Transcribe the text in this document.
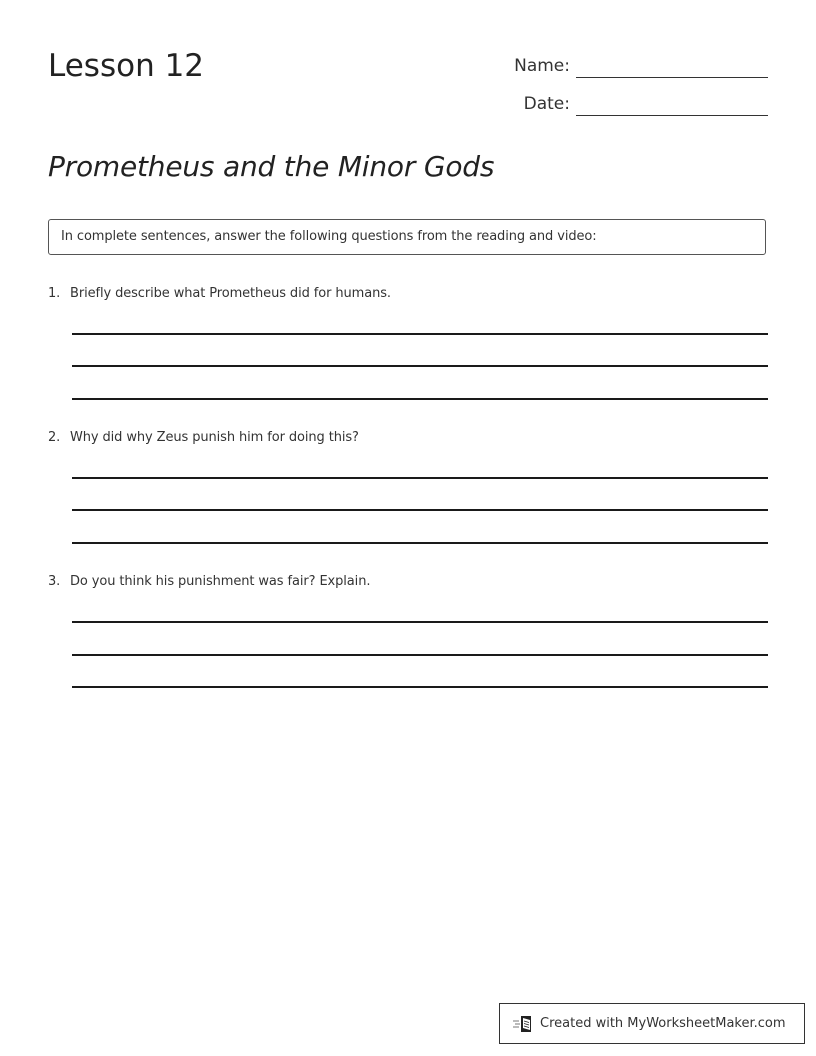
Lesson 12	Name:
Date:
Prometheus and the Minor Gods
In complete sentences, answer the following questions from the reading and video:
1. Briefly describe what Prometheus did for humans.
2. Why did why Zeus punish him for doing this?
3. Do you think his punishment was fair? Explain.
Created with MyWorksheetMaker.com
